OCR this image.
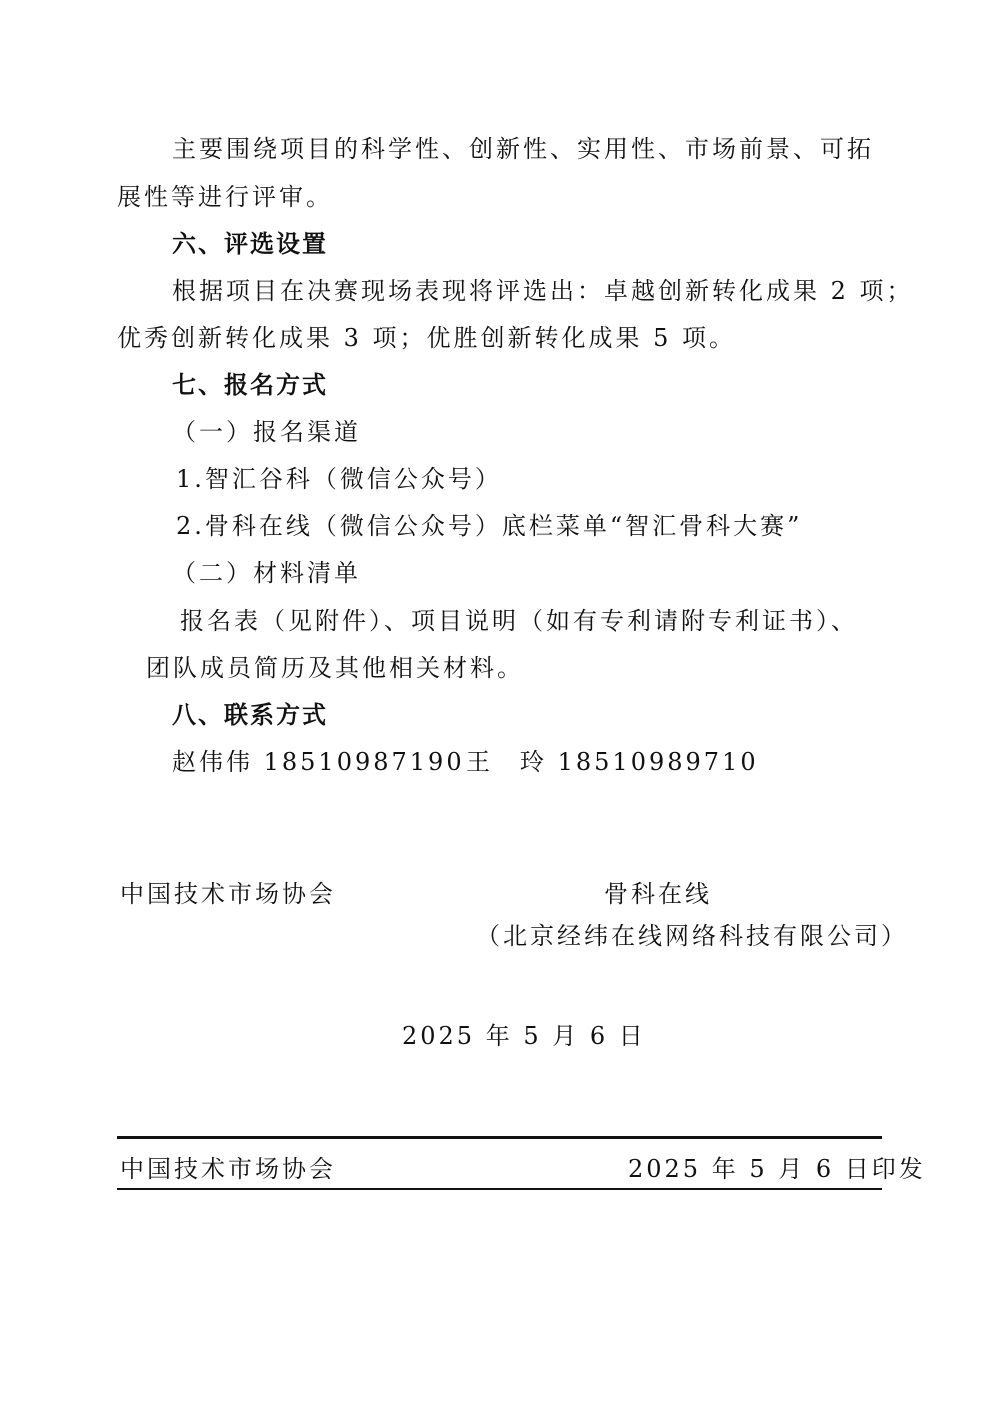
主要围绕项目的科学性、创新性、实用性、市场前景、可拓
展性等进行评审。
六、评选设置
根据项目在决赛现场表现将评选出：卓越创新转化成果 2 项；
优秀创新转化成果 3 项；优胜创新转化成果 5 项。
七、报名方式
（一）报名渠道
1.智汇谷科（微信公众号）
2.骨科在线（微信公众号）底栏菜单“智汇骨科大赛”
（二）材料清单
报名表（见附件）、项目说明（如有专利请附专利证书）、
团队成员简历及其他相关材料。
八、联系方式
赵伟伟 18510987190 王　玲 18510989710
中国技术市场协会	骨科在线
（北京经纬在线网络科技有限公司）
2025 年 5 月 6 日
中国技术市场协会	2025 年 5 月 6 日印发
